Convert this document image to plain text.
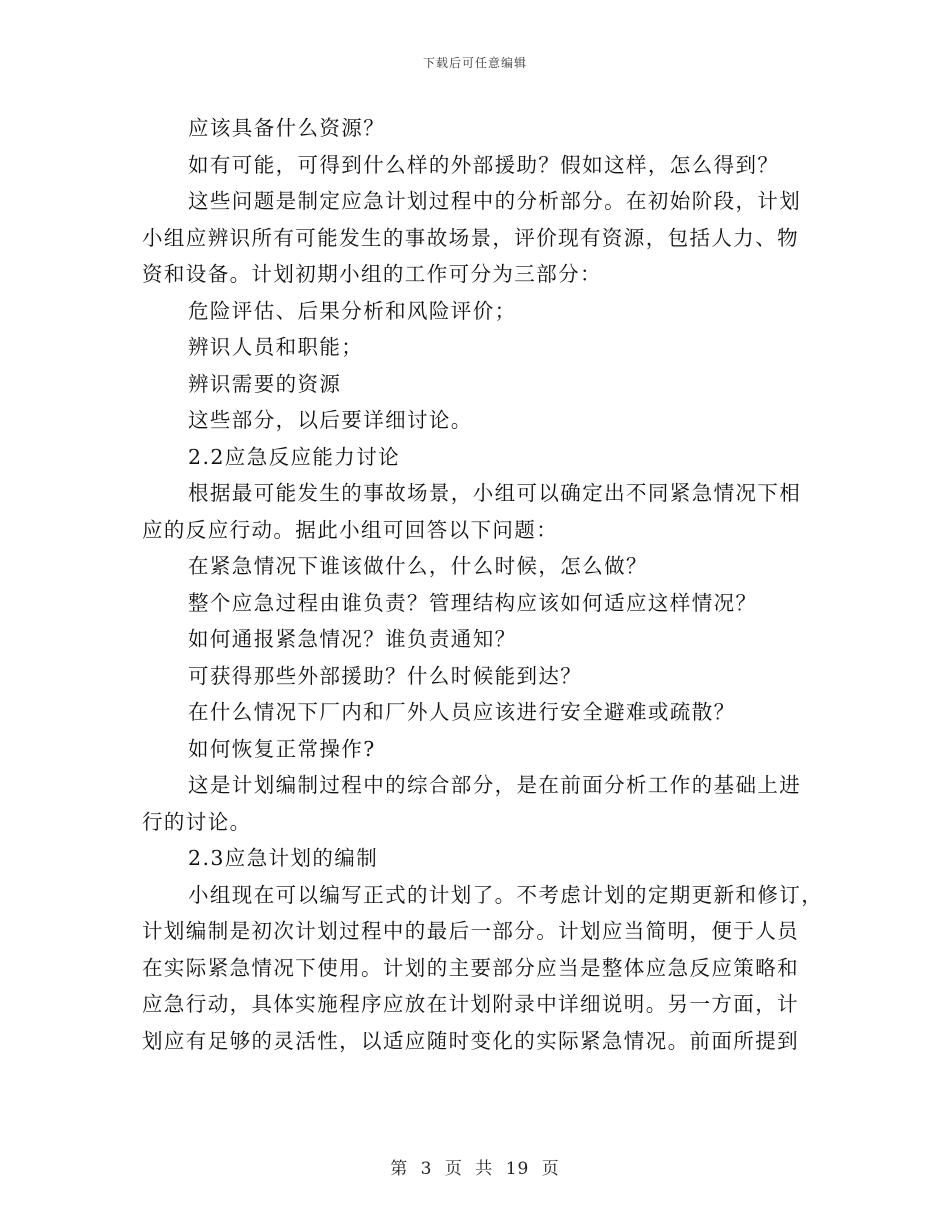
下载后可任意编辑
应该具备什么资源？
如有可能，可得到什么样的外部援助？假如这样，怎么得到？
这些问题是制定应急计划过程中的分析部分。在初始阶段，计划
小组应辨识所有可能发生的事故场景，评价现有资源，包括人力、物
资和设备。计划初期小组的工作可分为三部分：
危险评估、后果分析和风险评价；
辨识人员和职能；
辨识需要的资源
这些部分，以后要详细讨论。
2.2应急反应能力讨论
根据最可能发生的事故场景，小组可以确定出不同紧急情况下相
应的反应行动。据此小组可回答以下问题：
在紧急情况下谁该做什么，什么时候，怎么做？
整个应急过程由谁负责？管理结构应该如何适应这样情况？
如何通报紧急情况？谁负责通知？
可获得那些外部援助？什么时候能到达？
在什么情况下厂内和厂外人员应该进行安全避难或疏散？
如何恢复正常操作?
这是计划编制过程中的综合部分，是在前面分析工作的基础上进
行的讨论。
2.3应急计划的编制
小组现在可以编写正式的计划了。不考虑计划的定期更新和修订，
计划编制是初次计划过程中的最后一部分。计划应当简明，便于人员
在实际紧急情况下使用。计划的主要部分应当是整体应急反应策略和
应急行动，具体实施程序应放在计划附录中详细说明。另一方面，计
划应有足够的灵活性，以适应随时变化的实际紧急情况。前面所提到
第 3 页 共 19 页
